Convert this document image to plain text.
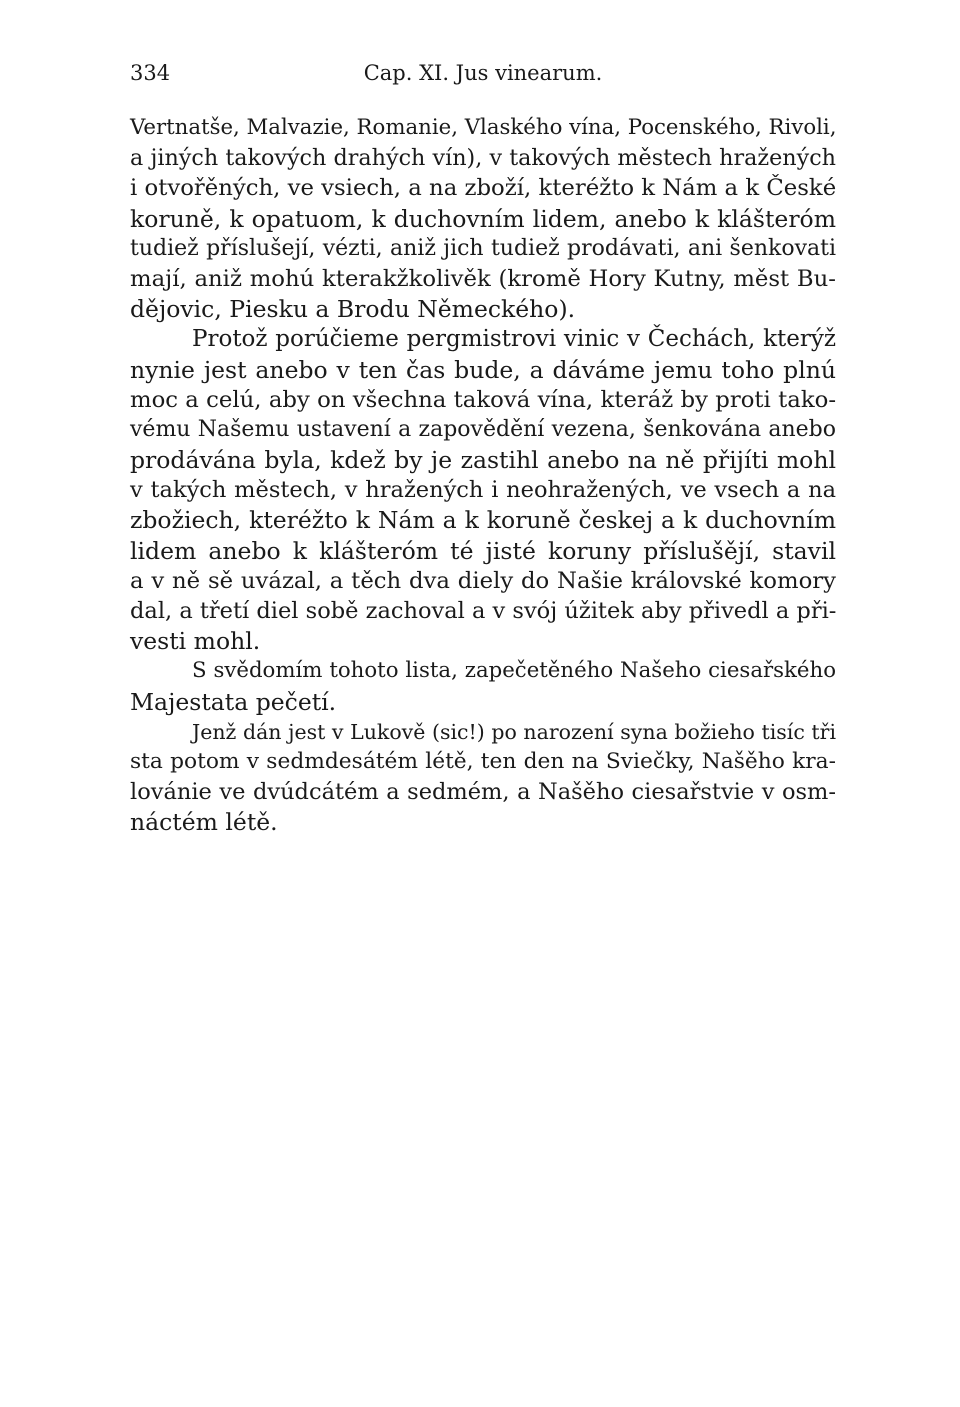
334	Cap. XI. Jus vinearum.
Vertnatše, Malvazie, Romanie, Vlaského vína, Pocenského, Rivoli,
a jiných takových drahých vín), v takových městech hražených
i otvořěných, ve vsiech, a na zboží, kteréžto k Nám a k České
koruně, k opatuom, k duchovním lidem, anebo k klášteróm
tudiež příslušejí, vézti, aniž jich tudiež prodávati, ani šenkovati
mají, aniž mohú kterakžkolivěk (kromě Hory Kutny, měst Bu-
dějovic, Piesku a Brodu Německého).
Protož porúčieme pergmistrovi vinic v Čechách, kterýž
nynie jest anebo v ten čas bude, a dáváme jemu toho plnú
moc a celú, aby on všechna taková vína, kteráž by proti tako-
vému Našemu ustavení a zapovědění vezena, šenkována anebo
prodávána byla, kdež by je zastihl anebo na ně přijíti mohl
v takých městech, v hražených i neohražených, ve vsech a na
zbožiech, kteréžto k Nám a k koruně českej a k duchovním
lidem anebo k klášteróm té jisté koruny příslušějí, stavil
a v ně sě uvázal, a těch dva diely do Našie královské komory
dal, a třetí diel sobě zachoval a v svój úžitek aby přivedl a při-
vesti mohl.
S svědomím tohoto lista, zapečetěného Našeho ciesařského
Majestata pečetí.
Jenž dán jest v Lukově (sic!) po narození syna božieho tisíc tři
sta potom v sedmdesátém létě, ten den na Sviečky, Našěho kra-
lovánie ve dvúdcátém a sedmém, a Našěho ciesařstvie v osm-
náctém létě.
